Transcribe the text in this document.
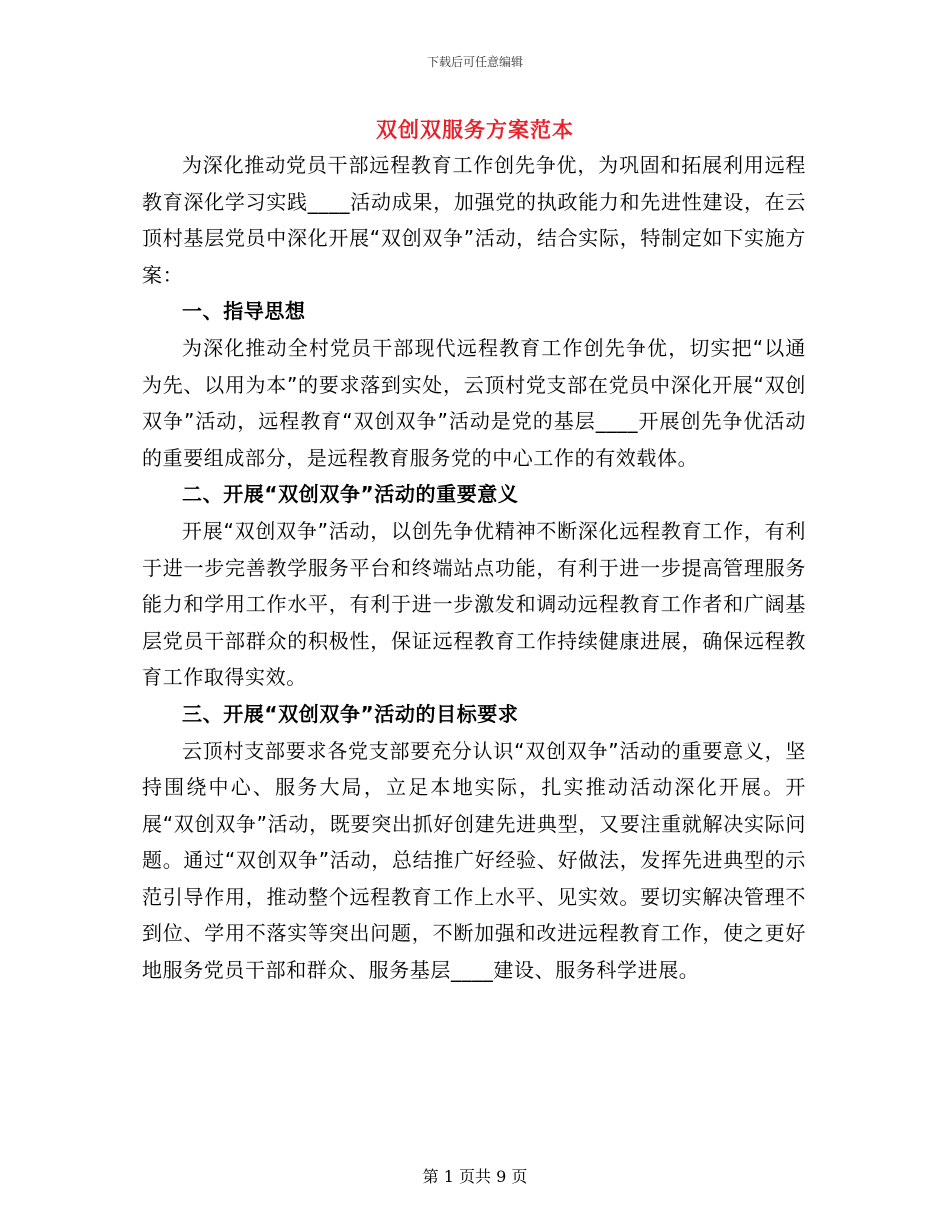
下载后可任意编辑
双创双服务方案范本

为深化推动党员干部远程教育工作创先争优，为巩固和拓展利用远程教育深化学习实践____活动成果，加强党的执政能力和先进性建设，在云顶村基层党员中深化开展“双创双争”活动，结合实际，特制定如下实施方案：

一、指导思想

为深化推动全村党员干部现代远程教育工作创先争优，切实把“以通为先、以用为本”的要求落到实处，云顶村党支部在党员中深化开展“双创双争”活动，远程教育“双创双争”活动是党的基层____开展创先争优活动的重要组成部分，是远程教育服务党的中心工作的有效载体。

二、开展“双创双争”活动的重要意义

开展“双创双争”活动，以创先争优精神不断深化远程教育工作，有利于进一步完善教学服务平台和终端站点功能，有利于进一步提高管理服务能力和学用工作水平，有利于进一步激发和调动远程教育工作者和广阔基层党员干部群众的积极性，保证远程教育工作持续健康进展，确保远程教育工作取得实效。

三、开展“双创双争”活动的目标要求

云顶村支部要求各党支部要充分认识“双创双争”活动的重要意义，坚持围绕中心、服务大局，立足本地实际，扎实推动活动深化开展。开展“双创双争”活动，既要突出抓好创建先进典型，又要注重就解决实际问题。通过“双创双争”活动，总结推广好经验、好做法，发挥先进典型的示范引导作用，推动整个远程教育工作上水平、见实效。要切实解决管理不到位、学用不落实等突出问题，不断加强和改进远程教育工作，使之更好地服务党员干部和群众、服务基层____建设、服务科学进展。

第 1 页共 9 页
